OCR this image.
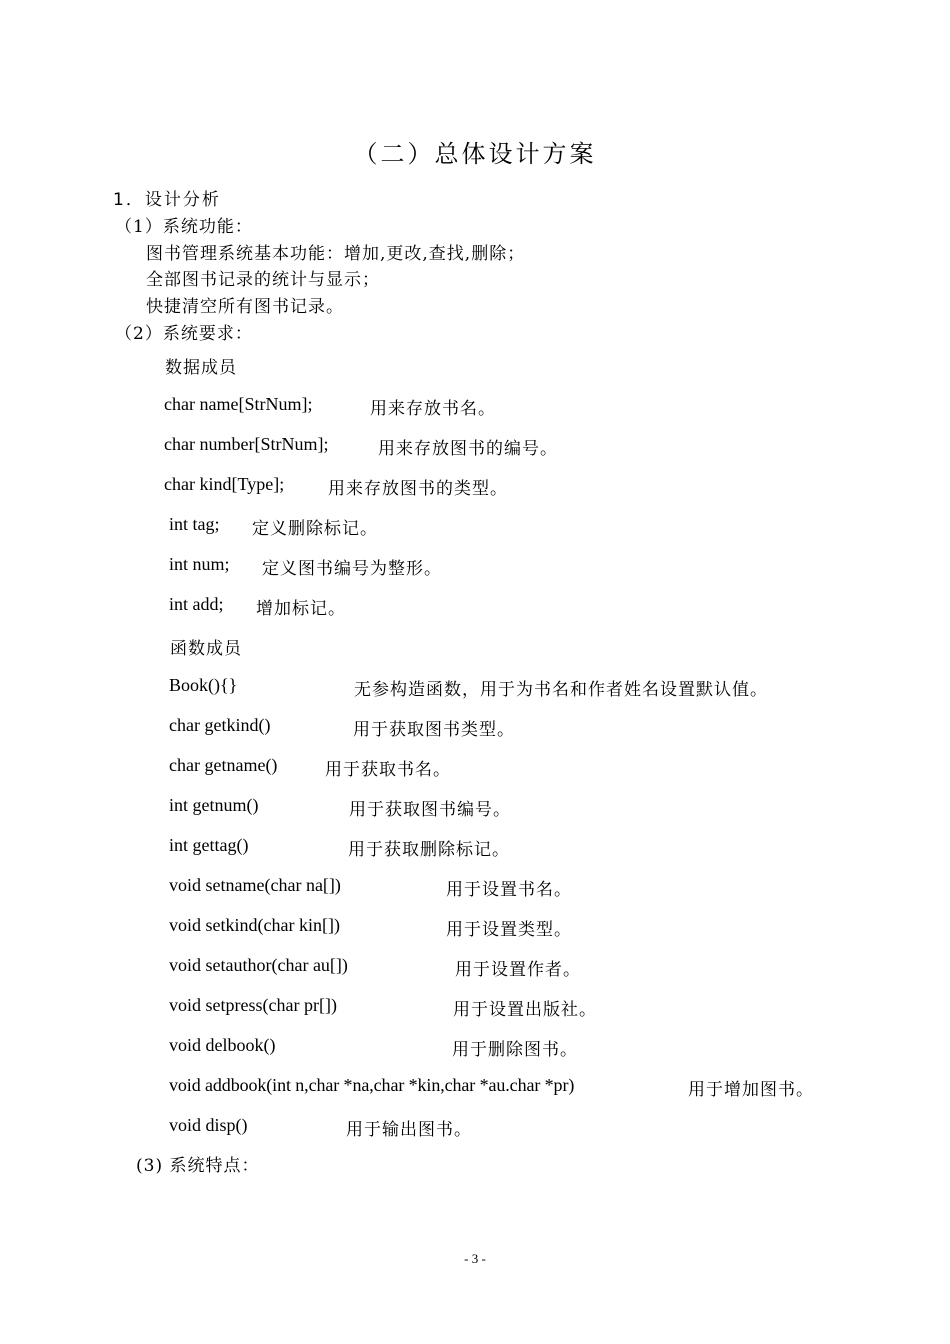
（二）总体设计方案
1．设计分析
（1）系统功能：
图书管理系统基本功能：增加,更改,查找,删除；
全部图书记录的统计与显示；
快捷清空所有图书记录。
（2）系统要求：
数据成员
char name[StrNum];	用来存放书名。
char number[StrNum];	用来存放图书的编号。
char kind[Type];	用来存放图书的类型。
int tag; 定义删除标记。
int num; 定义图书编号为整形。
int add; 增加标记。
函数成员
Book(){}	无参构造函数，用于为书名和作者姓名设置默认值。
char getkind()	用于获取图书类型。
char getname()	用于获取书名。
int getnum()	用于获取图书编号。
int gettag()	用于获取删除标记。
void setname(char na[])	用于设置书名。
void setkind(char kin[])	用于设置类型。
void setauthor(char au[])	用于设置作者。
void setpress(char pr[])	用于设置出版社。
void delbook()	用于删除图书。
void addbook(int n,char *na,char *kin,char *au.char *pr)	用于增加图书。
void disp()	用于输出图书。
(3) 系统特点：
- 3 -
